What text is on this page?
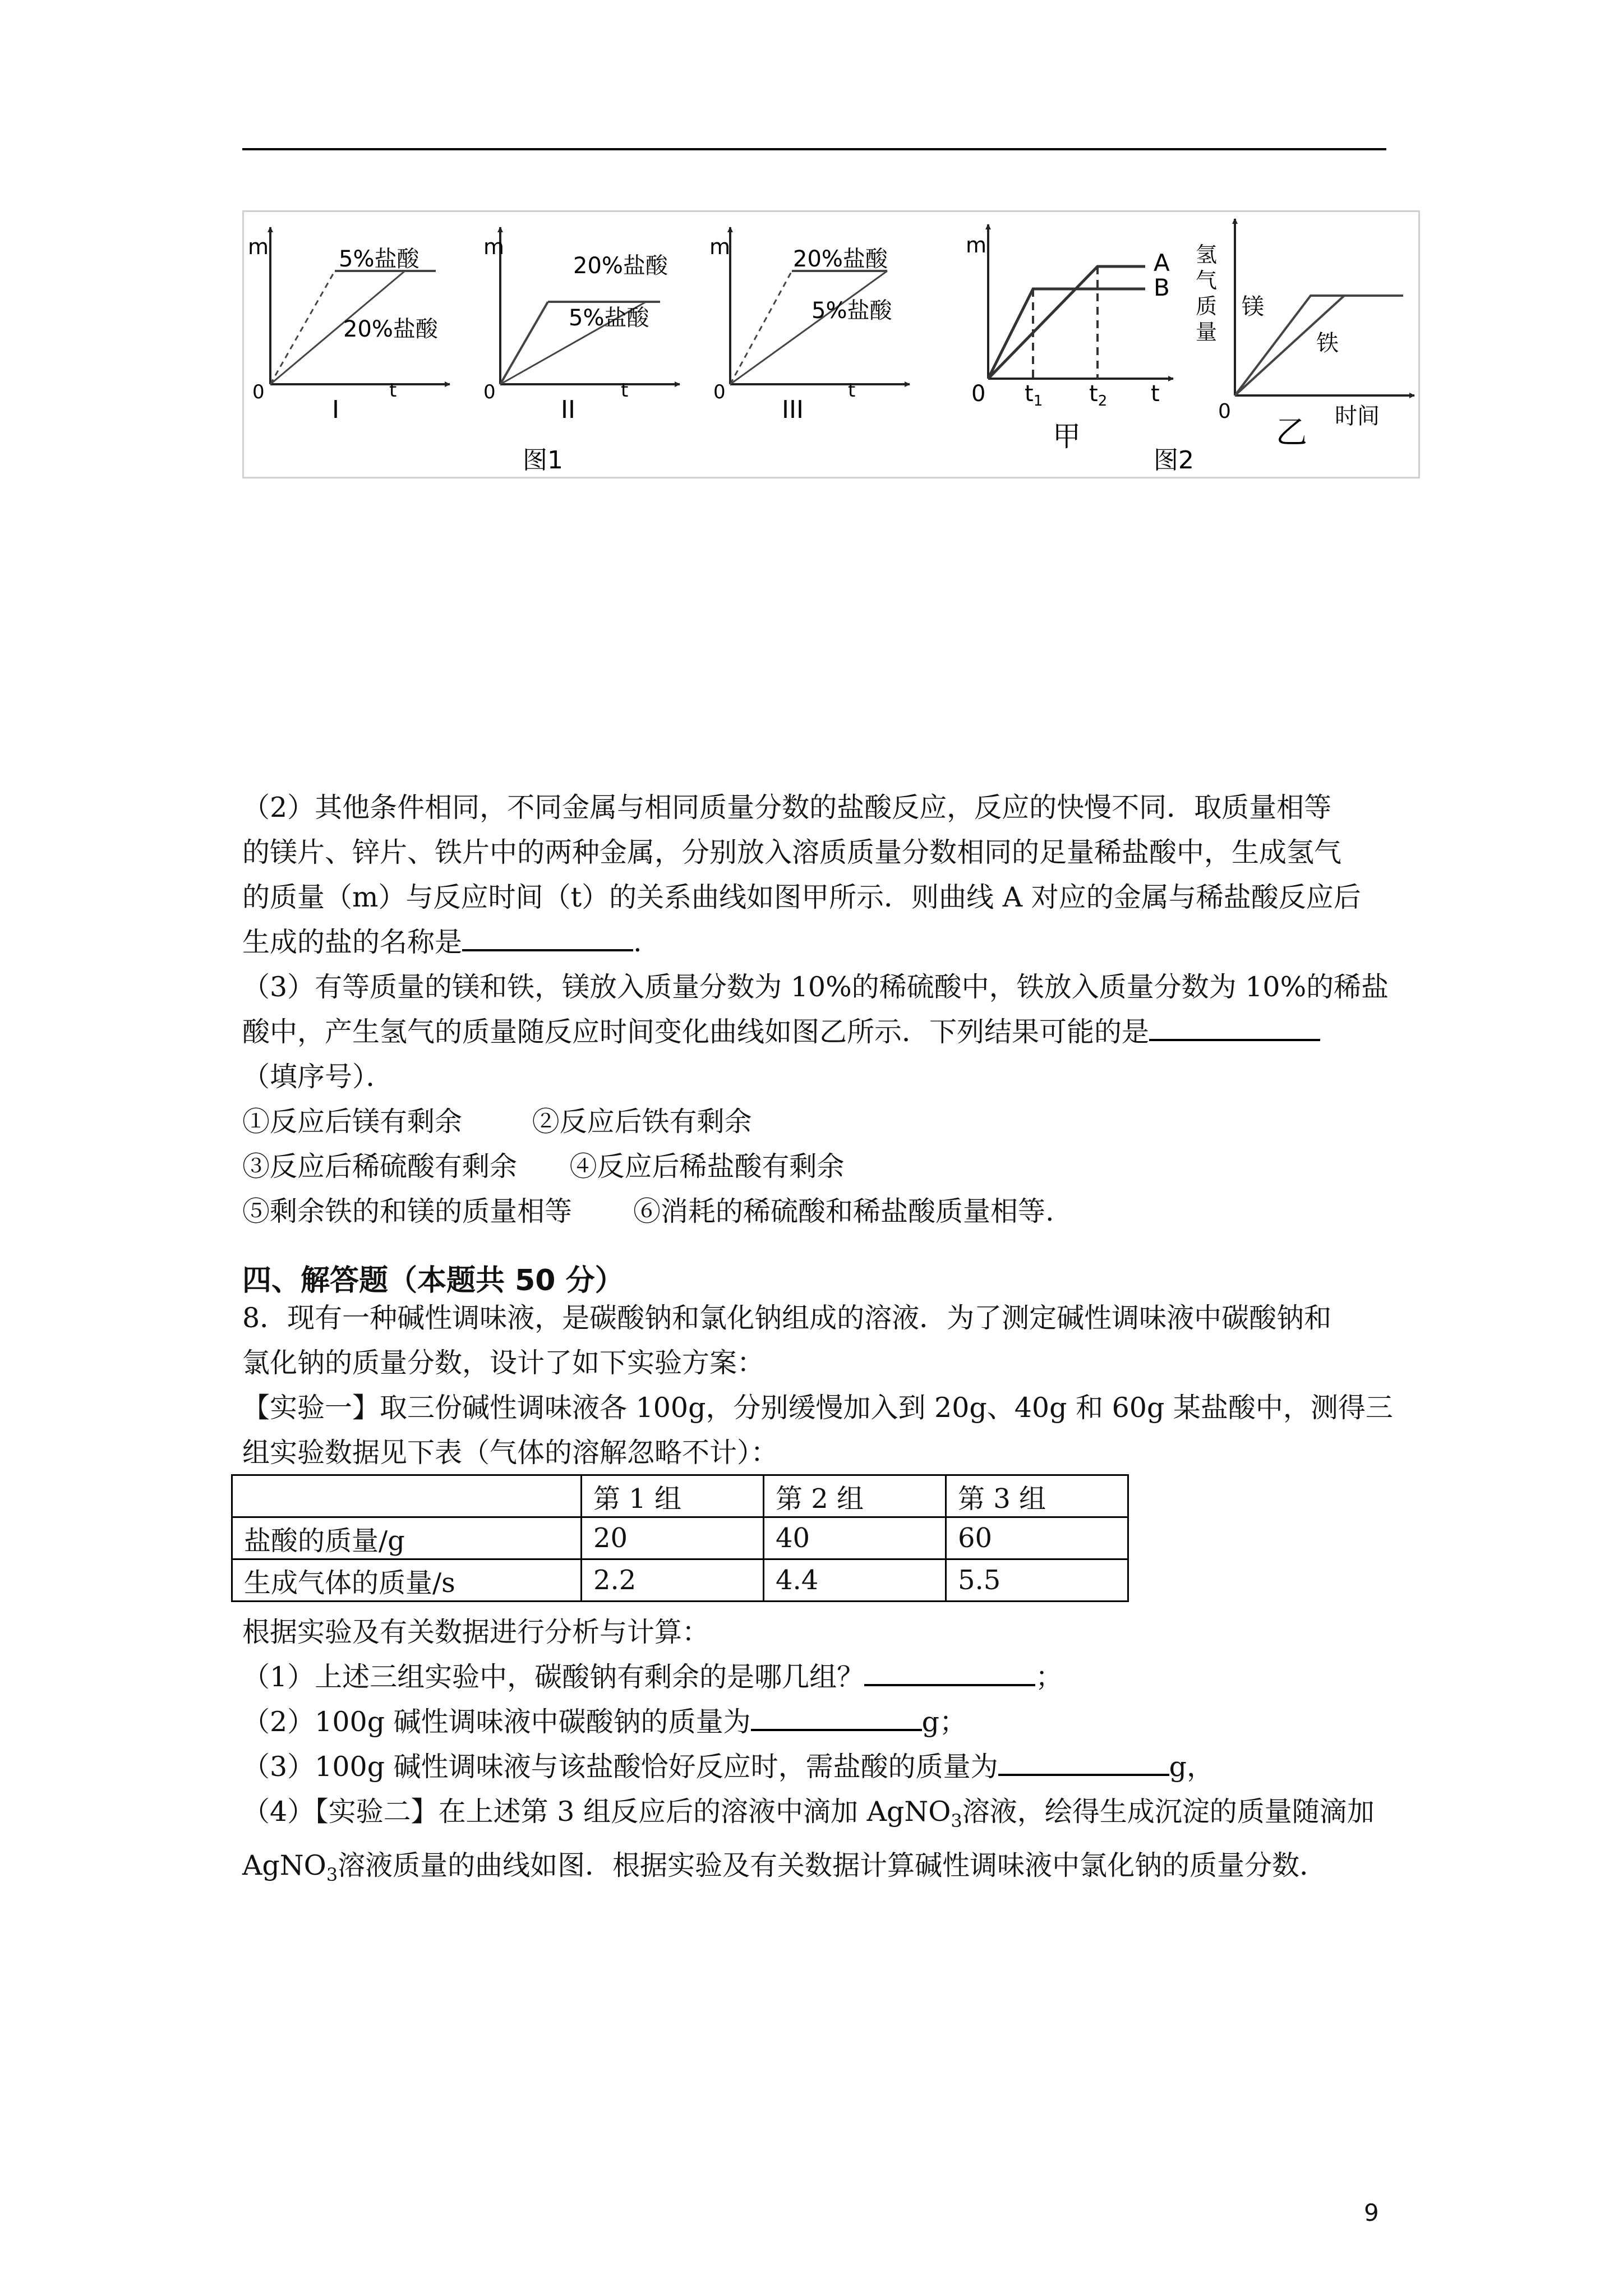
m
0	t
I
5%盐酸
20%盐酸
m
0	t
II
20%盐酸
5%盐酸
m
0	t
III
20%盐酸
5%盐酸
图1
m
0
A
B
$t_1$ $t_2$ t
甲
氢
气
质
量
镁
铁
0	时间
乙
图2

（2）其他条件相同，不同金属与相同质量分数的盐酸反应，反应的快慢不同．取质量相等

的镁片、锌片、铁片中的两种金属，分别放入溶质质量分数相同的足量稀盐酸中，生成氢气

的质量（m）与反应时间（t）的关系曲线如图甲所示．则曲线 A 对应的金属与稀盐酸反应后

生成的盐的名称是	.

（3）有等质量的镁和铁，镁放入质量分数为 10%的稀硫酸中，铁放入质量分数为 10%的稀盐

酸中，产生氢气的质量随反应时间变化曲线如图乙所示．下列结果可能的是

（填序号）．

①反应后镁有剩余        ②反应后铁有剩余

③反应后稀硫酸有剩余      ④反应后稀盐酸有剩余

⑤剩余铁的和镁的质量相等       ⑥消耗的稀硫酸和稀盐酸质量相等.

四、解答题（本题共 50 分）

8．现有一种碱性调味液，是碳酸钠和氯化钠组成的溶液．为了测定碱性调味液中碳酸钠和

氯化钠的质量分数，设计了如下实验方案：

【实验一】取三份碱性调味液各 100g，分别缓慢加入到 20g、40g 和 60g 某盐酸中，测得三

组实验数据见下表（气体的溶解忽略不计）：

	第 1 组	第 2 组	第 3 组
盐酸的质量/g	20	40	60
生成气体的质量/s	2.2	4.4	5.5

根据实验及有关数据进行分析与计算：

（1）上述三组实验中，碳酸钠有剩余的是哪几组？	；

（2）100g 碱性调味液中碳酸钠的质量为	g；

（3）100g 碱性调味液与该盐酸恰好反应时，需盐酸的质量为	g，

（4）【实验二】在上述第 3 组反应后的溶液中滴加 AgNO$_3$溶液，绘得生成沉淀的质量随滴加

AgNO$_3$溶液质量的曲线如图．根据实验及有关数据计算碱性调味液中氯化钠的质量分数．

9
